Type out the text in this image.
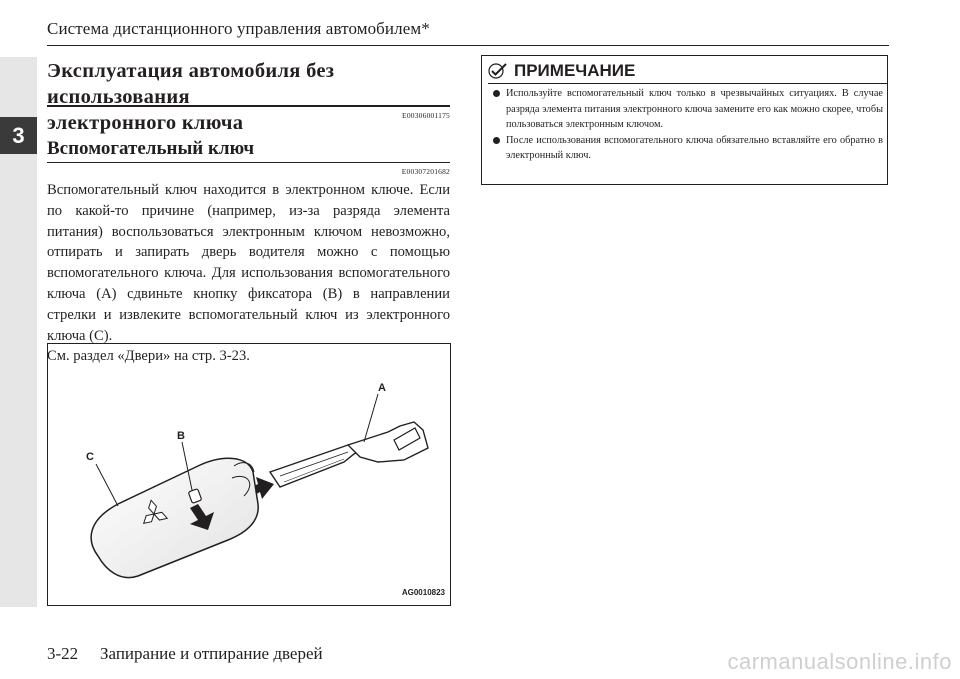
3
Система дистанционного управления автомобилем*
Эксплуатация автомобиля без использования
электронного ключа	E00306001175
Вспомогательный ключ
E00307201682

Вспомогательный ключ находится в электронном ключе. Если по какой-то причине (например, из-за разряда элемента питания) воспользоваться электронным ключом невозможно, отпирать и запирать дверь водителя можно с помощью вспомогательного ключа. Для использования вспомогательного ключа (A) сдвиньте кнопку фиксатора (B) в направлении стрелки и извлеките вспомогательный ключ из электронного ключа (C).

См. раздел «Двери» на стр. 3-23.

A
B
C
AG0010823
ПРИМЕЧАНИЕ
Используйте вспомогательный ключ только в чрезвычайных ситуациях. В случае разряда элемента питания электронного ключа замените его как можно скорее, чтобы пользоваться электронным ключом.
После использования вспомогательного ключа обязательно вставляйте его обратно в электронный ключ.
3-22 Запирание и отпирание дверей	carmanualsonline.info
